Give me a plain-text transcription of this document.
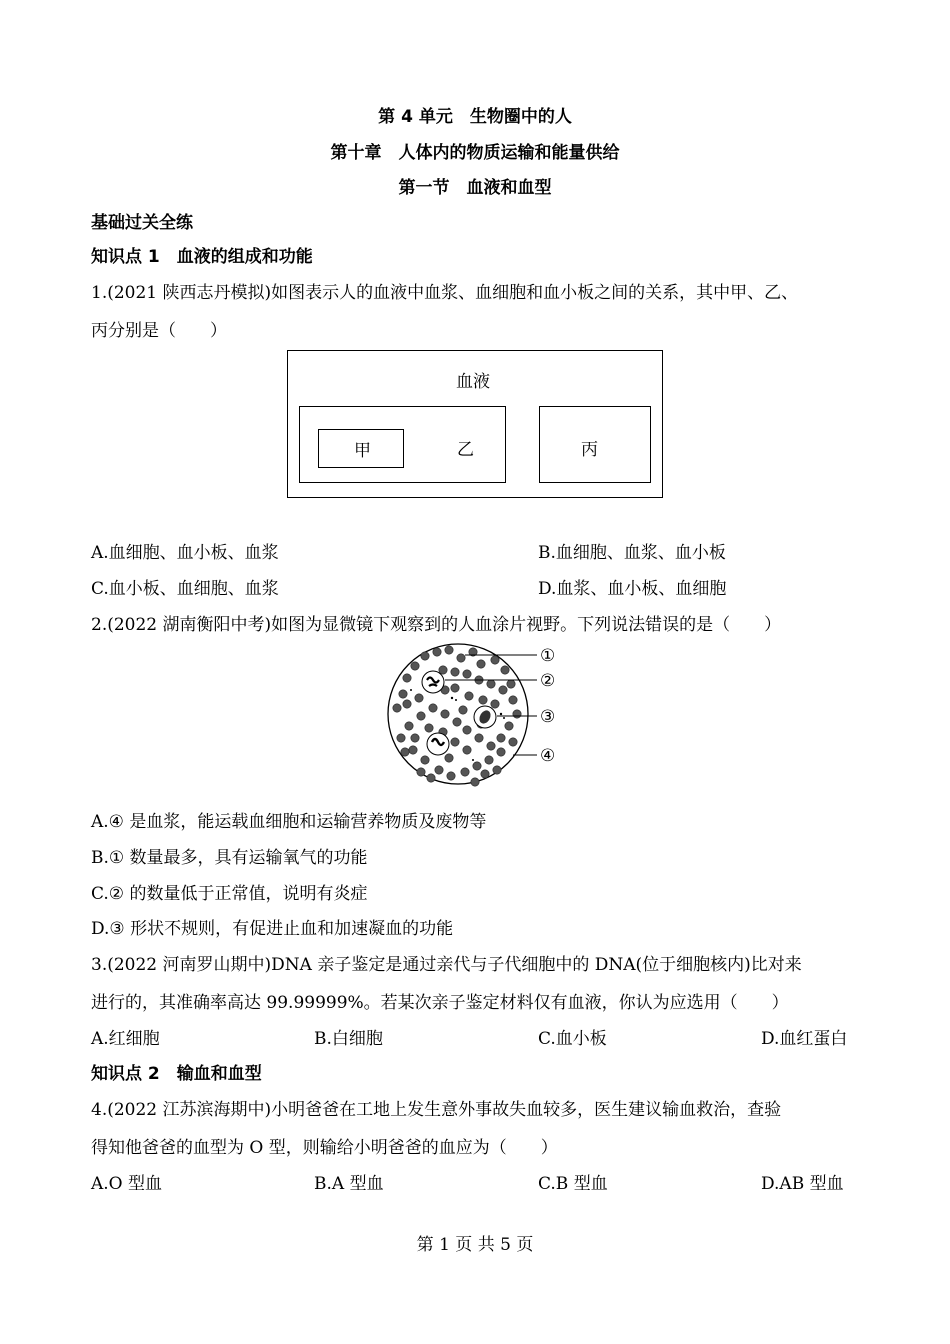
第 4 单元　生物圈中的人
第十章　人体内的物质运输和能量供给
第一节　血液和血型
基础过关全练
知识点 1　血液的组成和功能
1.(2021 陕西志丹模拟)如图表示人的血液中血浆、血细胞和血小板之间的关系，其中甲、乙、
丙分别是（　　）
血液
乙
甲	丙
A.血细胞、血小板、血浆	B.血细胞、血浆、血小板
C.血小板、血细胞、血浆	D.血浆、血小板、血细胞
2.(2022 湖南衡阳中考)如图为显微镜下观察到的人血涂片视野。下列说法错误的是（　　）
①
②
③
④
A.④ 是血浆，能运载血细胞和运输营养物质及废物等
B.① 数量最多，具有运输氧气的功能
C.② 的数量低于正常值，说明有炎症
D.③ 形状不规则，有促进止血和加速凝血的功能
3.(2022 河南罗山期中)DNA 亲子鉴定是通过亲代与子代细胞中的 DNA(位于细胞核内)比对来
进行的，其准确率高达 99.99999%。若某次亲子鉴定材料仅有血液，你认为应选用（　　）
A.红细胞	B.白细胞	C.血小板	D.血红蛋白
知识点 2　输血和血型
4.(2022 江苏滨海期中)小明爸爸在工地上发生意外事故失血较多，医生建议输血救治，查验
得知他爸爸的血型为 O 型，则输给小明爸爸的血应为（　　）
A.O 型血	B.A 型血	C.B 型血	D.AB 型血
第 1 页 共 5 页
